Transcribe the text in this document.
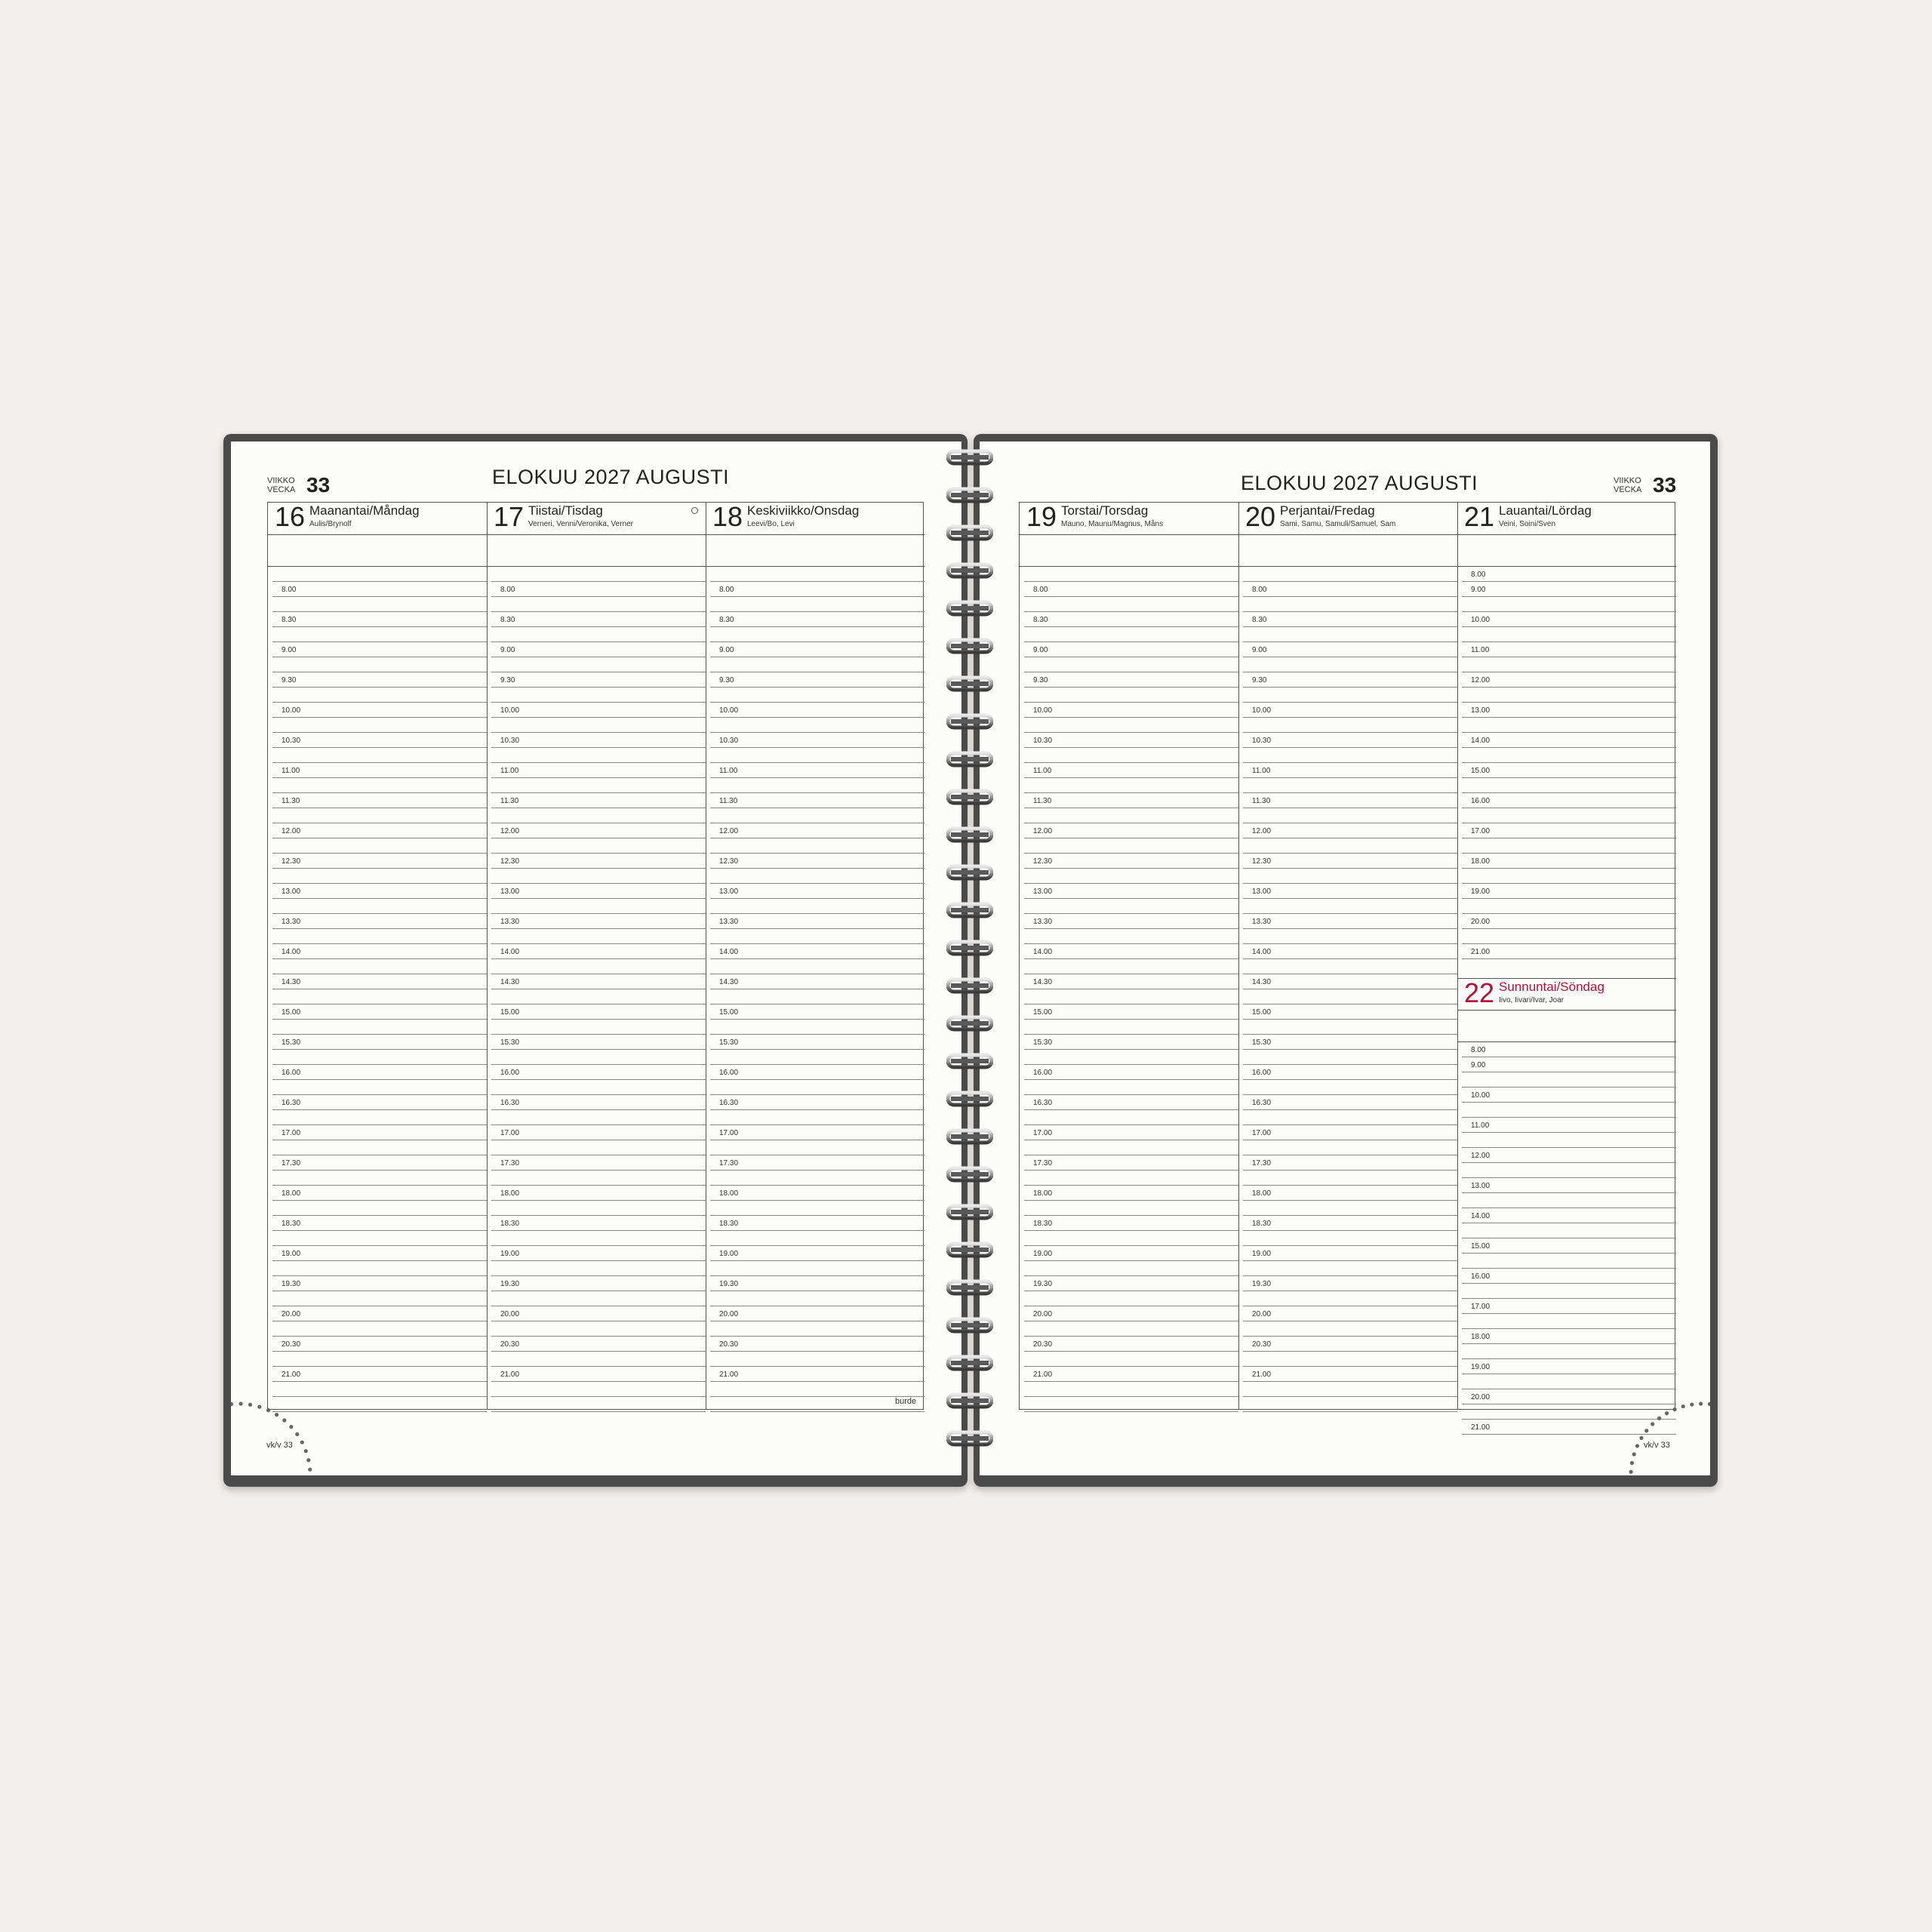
VIIKKO
VECKA 33	ELOKUU 2027 AUGUSTI
16 Maanantai/Måndag
Aulis/Brynolf
8.00
8.30
9.00
9.30
10.00
10.30
11.00
11.30
12.00
12.30
13.00
13.30
14.00
14.30
15.00
15.30
16.00
16.30
17.00
17.30
18.00
18.30
19.00
19.30
20.00
20.30
21.00
17 Tiistai/Tisdag
Verneri, Venni/Veronika, Verner
8.00
8.30
9.00
9.30
10.00
10.30
11.00
11.30
12.00
12.30
13.00
13.30
14.00
14.30
15.00
15.30
16.00
16.30
17.00
17.30
18.00
18.30
19.00
19.30
20.00
20.30
21.00
18 Keskiviikko/Onsdag
Leevi/Bo, Levi
8.00
8.30
9.00
9.30
10.00
10.30
11.00
11.30
12.00
12.30
13.00
13.30
14.00
14.30
15.00
15.30
16.00
16.30
17.00
17.30
18.00
18.30
19.00
19.30
20.00
20.30
21.00
burde
vk/v 33
ELOKUU 2027 AUGUSTI	VIIKKO
VECKA 33
19 Torstai/Torsdag
Mauno, Maunu/Magnus, Måns
8.00
8.30
9.00
9.30
10.00
10.30
11.00
11.30
12.00
12.30
13.00
13.30
14.00
14.30
15.00
15.30
16.00
16.30
17.00
17.30
18.00
18.30
19.00
19.30
20.00
20.30
21.00
20 Perjantai/Fredag
Sami, Samu, Samuli/Samuel, Sam
8.00
8.30
9.00
9.30
10.00
10.30
11.00
11.30
12.00
12.30
13.00
13.30
14.00
14.30
15.00
15.30
16.00
16.30
17.00
17.30
18.00
18.30
19.00
19.30
20.00
20.30
21.00
21 Lauantai/Lördag
Veini, Soini/Sven
8.00
9.00
10.00
11.00
12.00
13.00
14.00
15.00
16.00
17.00
18.00
19.00
20.00
21.00
22 Sunnuntai/Söndag
Iivo, Iivari/Ivar, Joar
8.00
9.00
10.00
11.00
12.00
13.00
14.00
15.00
16.00
17.00
18.00
19.00
20.00
21.00
vk/v 33
